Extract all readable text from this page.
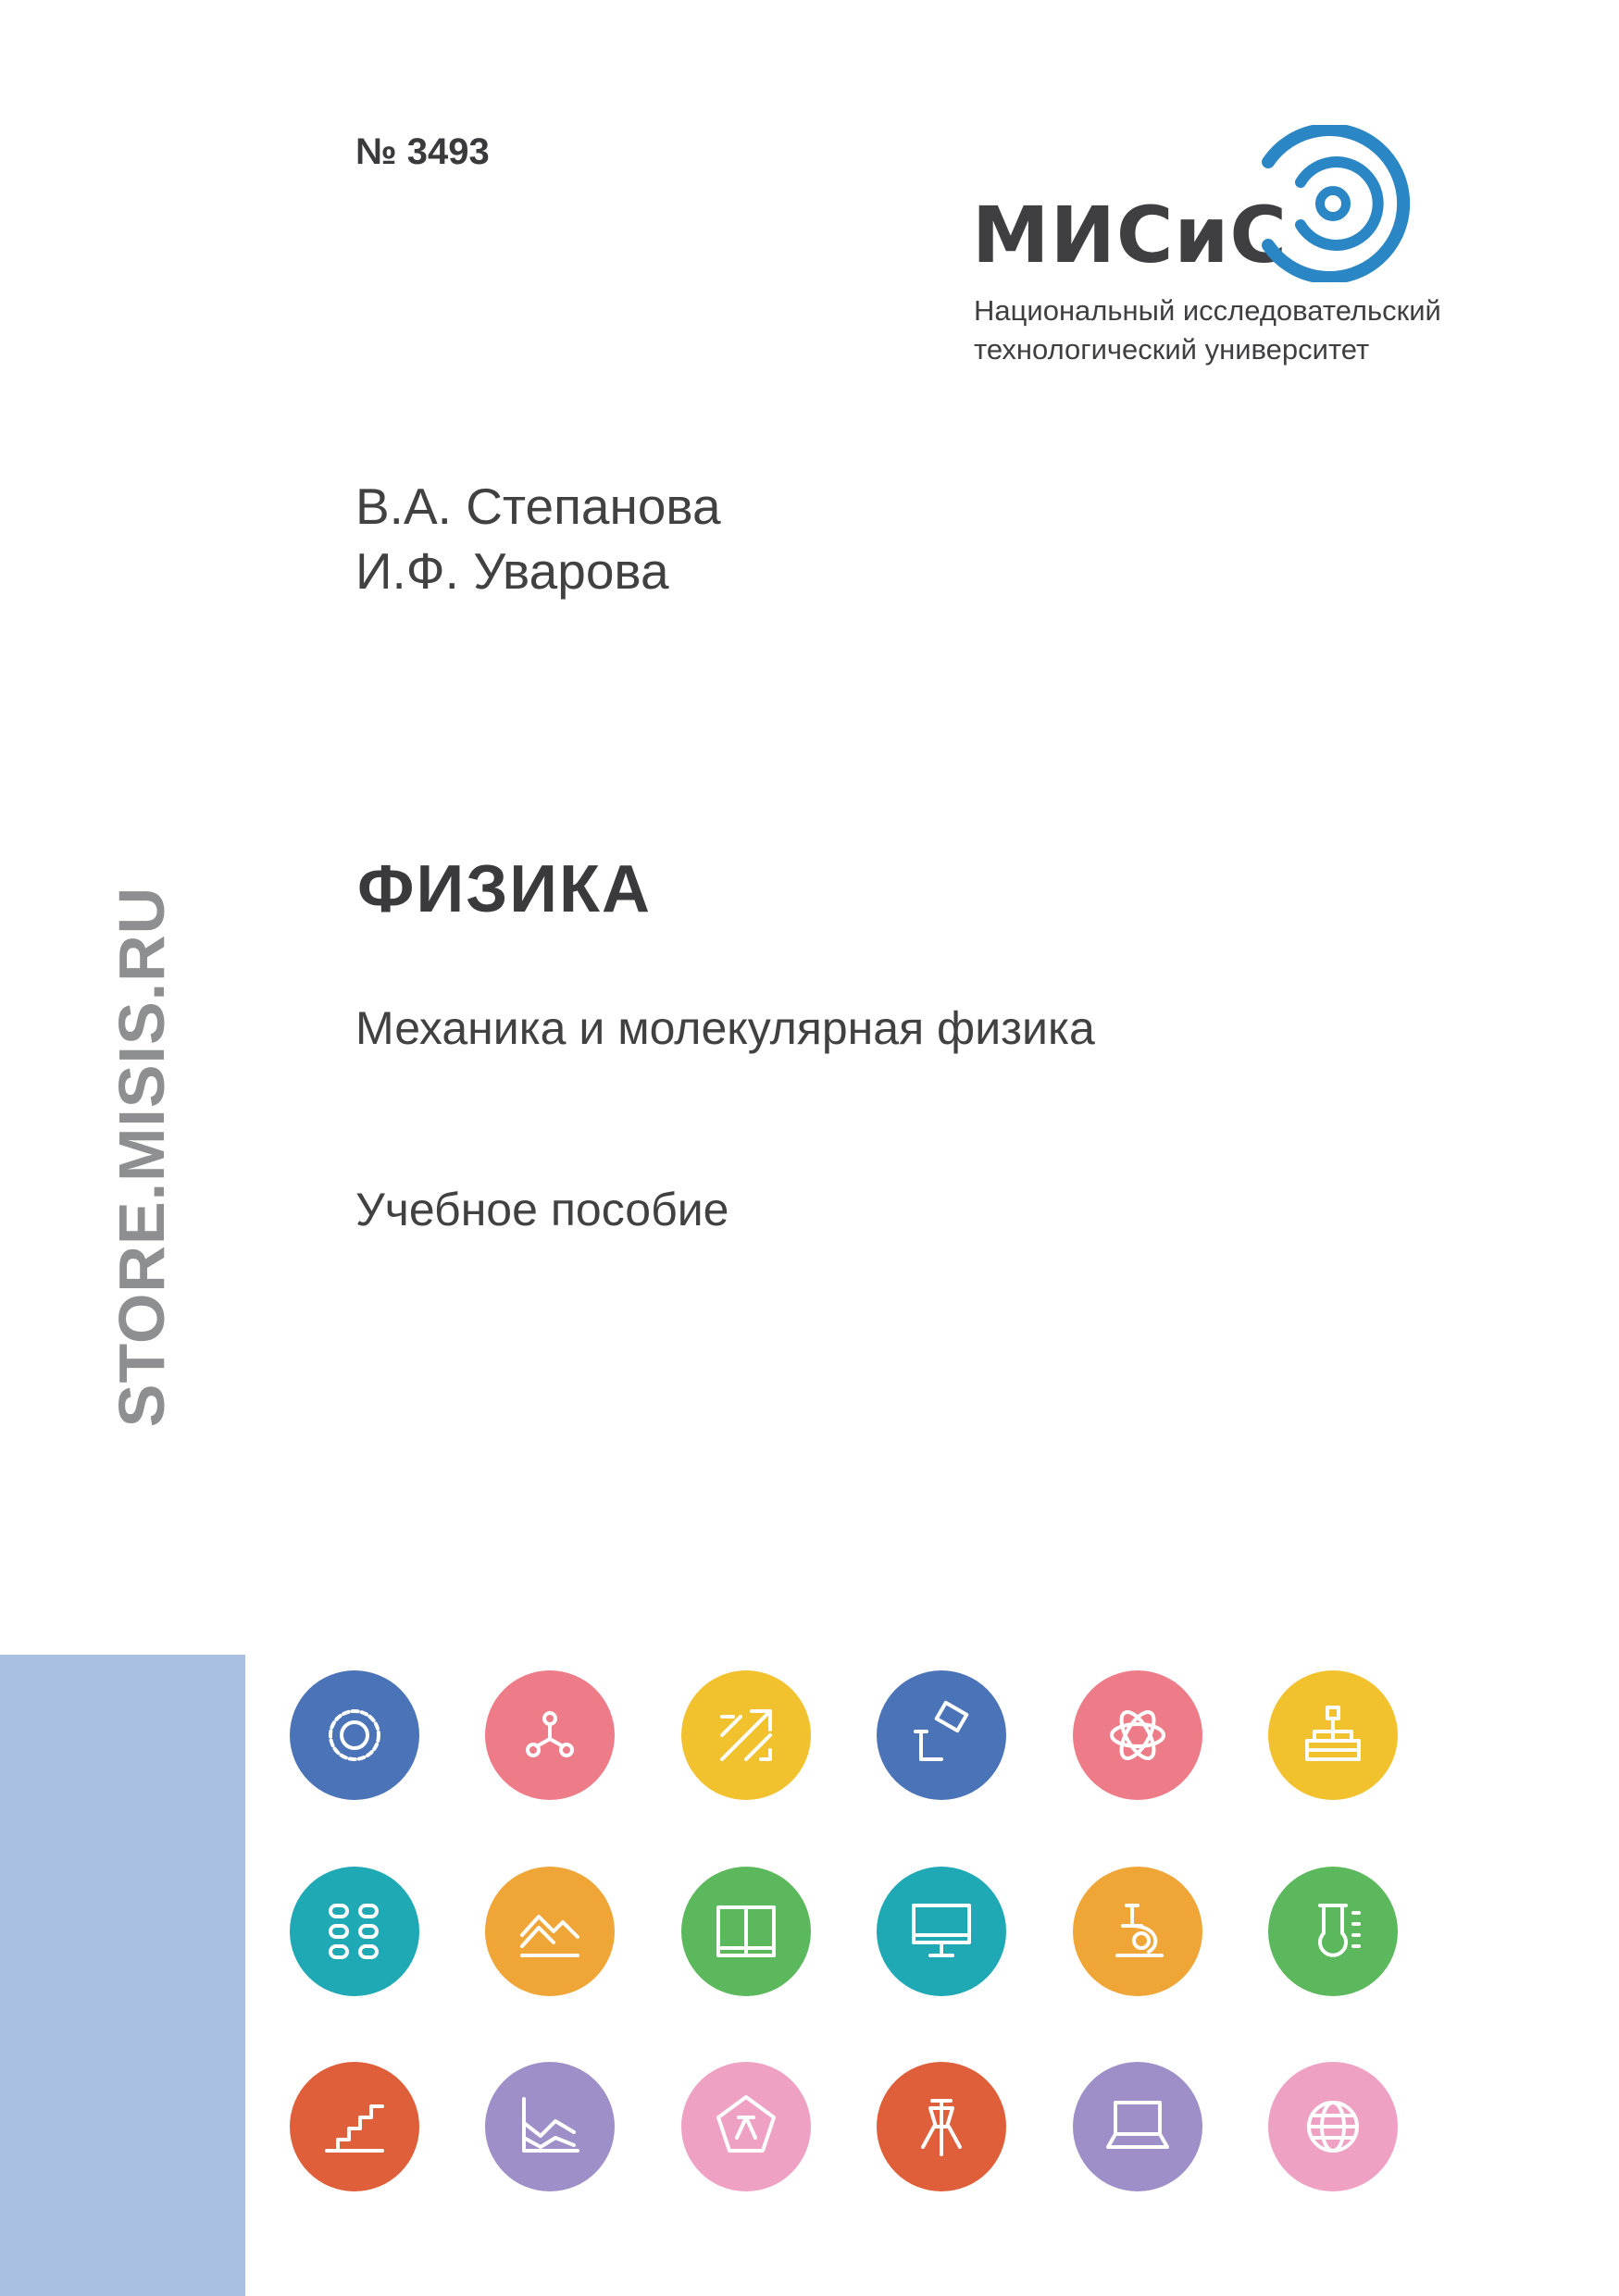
№ 3493
МИСиС
Национальный исследовательский
технологический университет
В.А. Степанова
И.Ф. Уварова
ФИЗИКА
Механика и молекулярная физика
Учебное пособие
STORE.MISIS.RU
